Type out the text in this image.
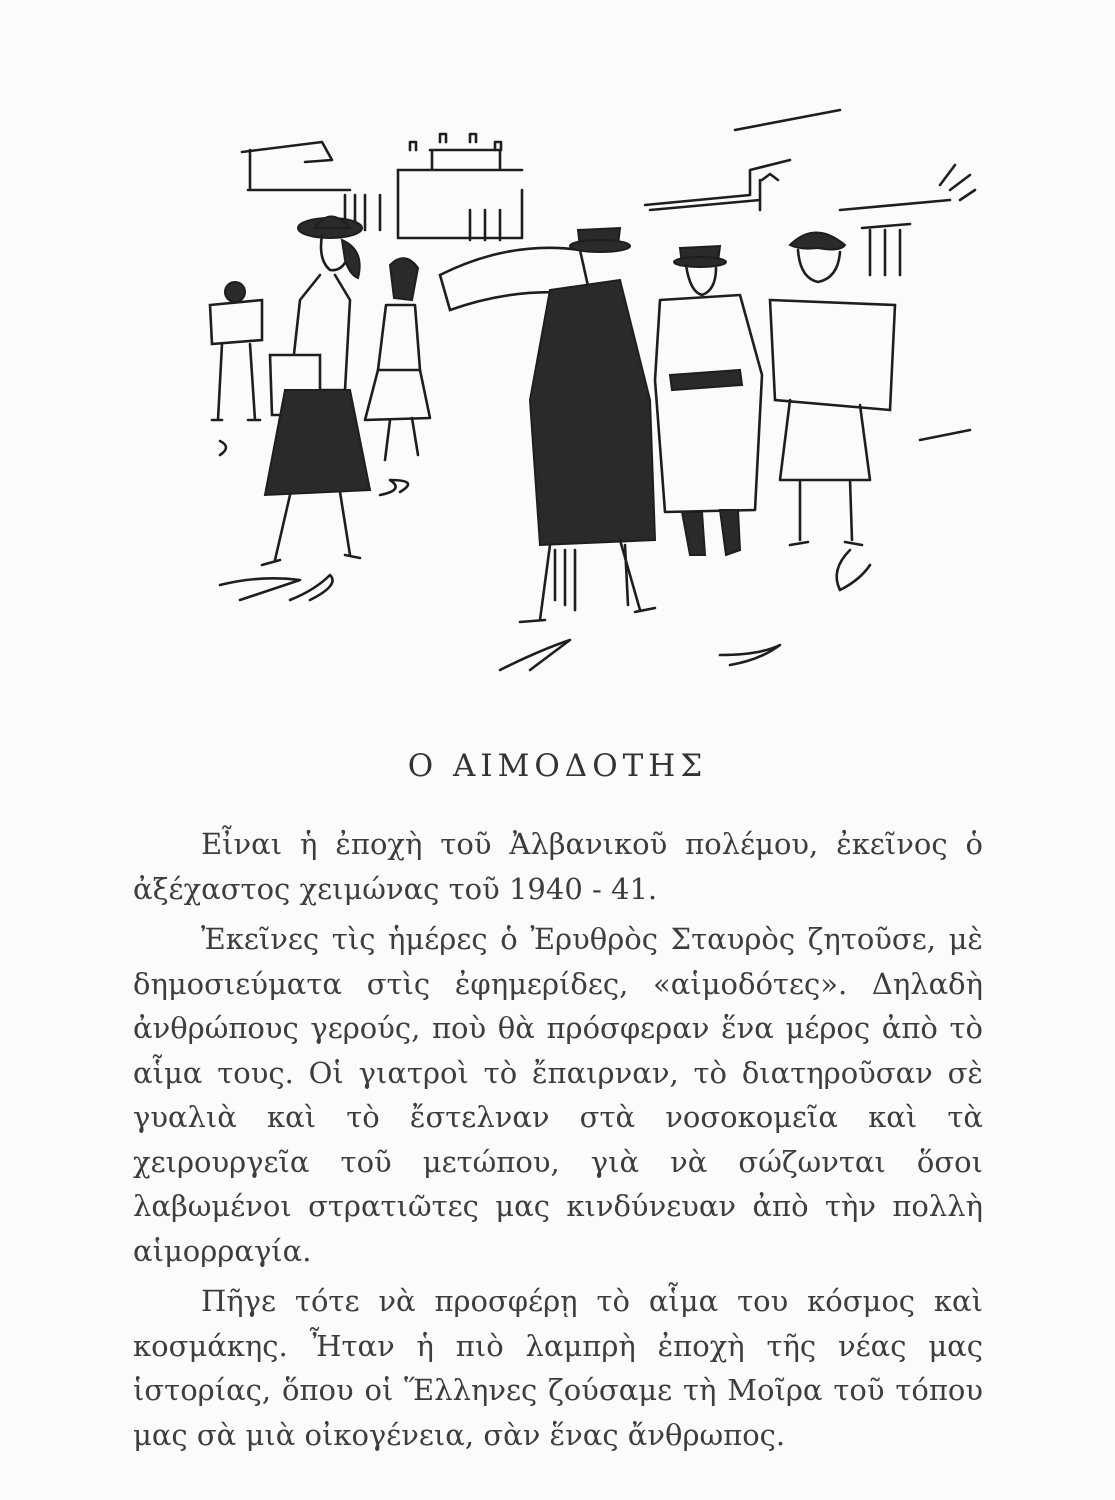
Ο ΑΙΜΟΔΟΤΗΣ

Εἶναι ἡ ἐποχὴ τοῦ Ἀλβανικοῦ πολέμου, ἐκεῖνος ὁ ἀξέχαστος χειμώνας τοῦ 1940 - 41.

Ἐκεῖνες τὶς ἡμέρες ὁ Ἐρυθρὸς Σταυρὸς ζητοῦσε, μὲ δημοσιεύματα στὶς ἐφημερίδες, «αἱμοδότες». Δηλαδὴ ἀνθρώπους γερούς, ποὺ θὰ πρόσφεραν ἕνα μέρος ἀπὸ τὸ αἷμα τους. Οἱ γιατροὶ τὸ ἔπαιρναν, τὸ διατηροῦσαν σὲ γυαλιὰ καὶ τὸ ἔστελναν στὰ νοσοκομεῖα καὶ τὰ χειρουργεῖα τοῦ μετώπου, γιὰ νὰ σώζωνται ὅσοι λαβωμένοι στρατιῶτες μας κινδύνευαν ἀπὸ τὴν πολλὴ αἱμορραγία.

Πῆγε τότε νὰ προσφέρῃ τὸ αἷμα του κόσμος καὶ κοσμάκης. Ἦταν ἡ πιὸ λαμπρὴ ἐποχὴ τῆς νέας μας ἱστορίας, ὅπου οἱ Ἕλληνες ζούσαμε τὴ Μοῖρα τοῦ τόπου μας σὰ μιὰ οἰκογένεια, σὰν ἕνας ἄνθρωπος.
